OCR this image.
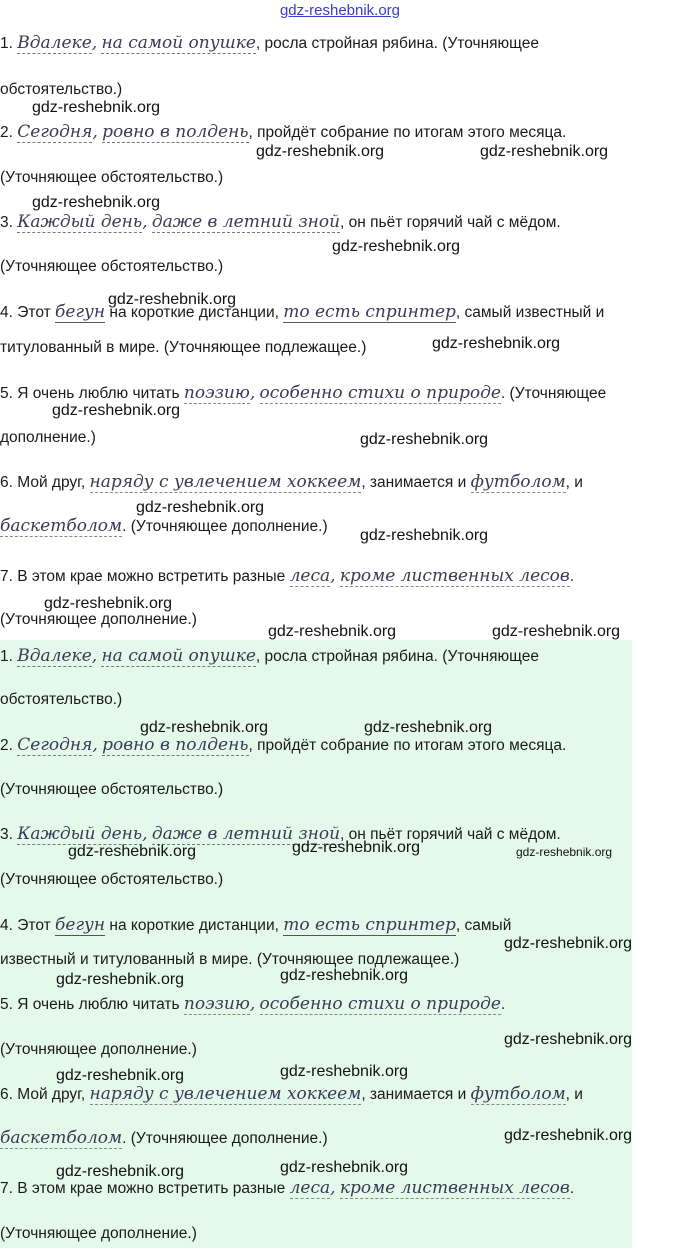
gdz-reshebnik.org
1. Вдалеке, на самой опушке, росла стройная рябина. (Уточняющее
обстоятельство.)
2. Сегодня, ровно в полдень, пройдёт собрание по итогам этого месяца.
(Уточняющее обстоятельство.)
3. Каждый день, даже в летний зной, он пьёт горячий чай с мёдом.
(Уточняющее обстоятельство.)
4. Этот бегун на короткие дистанции, то есть спринтер, самый известный и
титулованный в мире. (Уточняющее подлежащее.)
5. Я очень люблю читать поэзию, особенно стихи о природе. (Уточняющее
дополнение.)
6. Мой друг, наряду с увлечением хоккеем, занимается и футболом, и
баскетболом. (Уточняющее дополнение.)
7. В этом крае можно встретить разные леса, кроме лиственных лесов.
(Уточняющее дополнение.)
1. Вдалеке, на самой опушке, росла стройная рябина. (Уточняющее
обстоятельство.)
2. Сегодня, ровно в полдень, пройдёт собрание по итогам этого месяца.
(Уточняющее обстоятельство.)
3. Каждый день, даже в летний зной, он пьёт горячий чай с мёдом.
(Уточняющее обстоятельство.)
4. Этот бегун на короткие дистанции, то есть спринтер, самый
известный и титулованный в мире. (Уточняющее подлежащее.)
5. Я очень люблю читать поэзию, особенно стихи о природе.
(Уточняющее дополнение.)
6. Мой друг, наряду с увлечением хоккеем, занимается и футболом, и
баскетболом. (Уточняющее дополнение.)
7. В этом крае можно встретить разные леса, кроме лиственных лесов.
(Уточняющее дополнение.)
gdz-reshebnik.org
gdz-reshebnik.org	gdz-reshebnik.org
gdz-reshebnik.org
gdz-reshebnik.org
gdz-reshebnik.org
gdz-reshebnik.org
gdz-reshebnik.org
gdz-reshebnik.org
gdz-reshebnik.org
gdz-reshebnik.org
gdz-reshebnik.org
gdz-reshebnik.org	gdz-reshebnik.org
gdz-reshebnik.org	gdz-reshebnik.org
gdz-reshebnik.org	gdz-reshebnik.org	gdz-reshebnik.org
gdz-reshebnik.org
gdz-reshebnik.org	gdz-reshebnik.org
gdz-reshebnik.org
gdz-reshebnik.org	gdz-reshebnik.org
gdz-reshebnik.org
gdz-reshebnik.org	gdz-reshebnik.org
